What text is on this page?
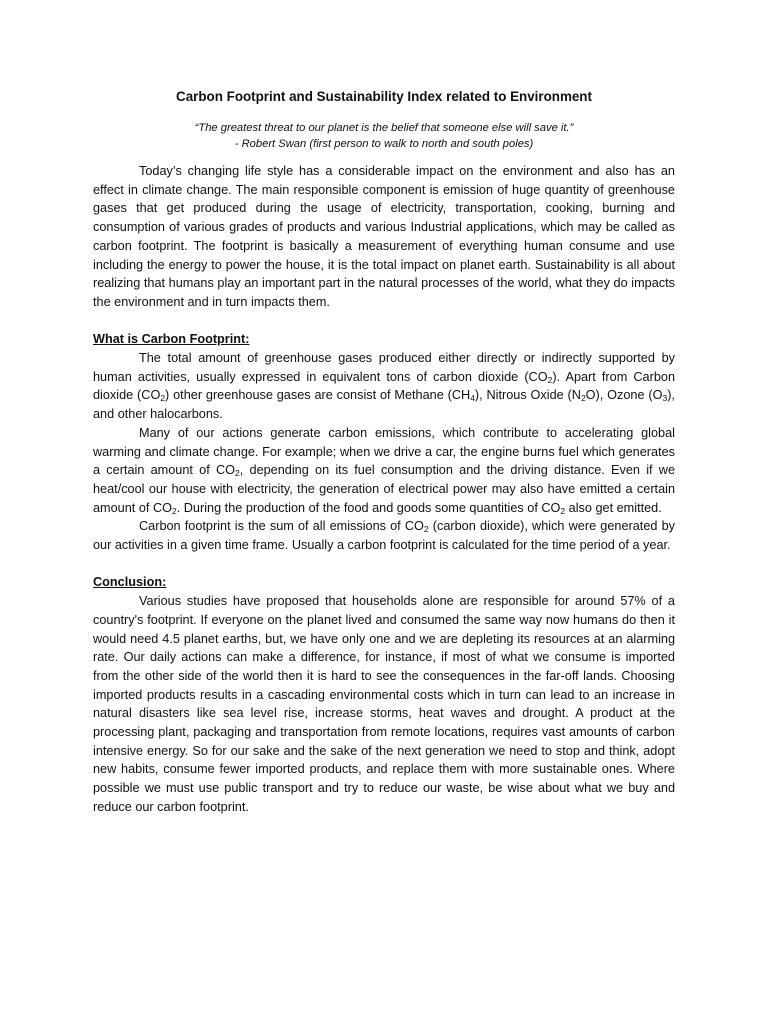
Carbon Footprint and Sustainability Index related to Environment
“The greatest threat to our planet is the belief that someone else will save it.”
- Robert Swan (first person to walk to north and south poles)

Today’s changing life style has a considerable impact on the environment and also has an effect in climate change. The main responsible component is emission of huge quantity of greenhouse gases that get produced during the usage of electricity, transportation, cooking, burning and consumption of various grades of products and various Industrial applications, which may be called as carbon footprint. The footprint is basically a measurement of everything human consume and use including the energy to power the house, it is the total impact on planet earth. Sustainability is all about realizing that humans play an important part in the natural processes of the world, what they do impacts the environment and in turn impacts them.

What is Carbon Footprint:

The total amount of greenhouse gases produced either directly or indirectly supported by human activities, usually expressed in equivalent tons of carbon dioxide $(CO_2)$. Apart from Carbon dioxide $(CO_2)$ other greenhouse gases are consist of Methane $(CH_4)$, Nitrous Oxide $(N_2O)$, Ozone $(O_3)$, and other halocarbons.

Many of our actions generate carbon emissions, which contribute to accelerating global warming and climate change. For example; when we drive a car, the engine burns fuel which generates a certain amount of $CO_2$, depending on its fuel consumption and the driving distance. Even if we heat/cool our house with electricity, the generation of electrical power may also have emitted a certain amount of $CO_2$. During the production of the food and goods some quantities of $CO_2$ also get emitted.

Carbon footprint is the sum of all emissions of $CO_2$ (carbon dioxide), which were generated by our activities in a given time frame. Usually a carbon footprint is calculated for the time period of a year.

Conclusion:

Various studies have proposed that households alone are responsible for around 57% of a country's footprint. If everyone on the planet lived and consumed the same way now humans do then it would need 4.5 planet earths, but, we have only one and we are depleting its resources at an alarming rate. Our daily actions can make a difference, for instance, if most of what we consume is imported from the other side of the world then it is hard to see the consequences in the far-off lands. Choosing imported products results in a cascading environmental costs which in turn can lead to an increase in natural disasters like sea level rise, increase storms, heat waves and drought. A product at the processing plant, packaging and transportation from remote locations, requires vast amounts of carbon intensive energy. So for our sake and the sake of the next generation we need to stop and think, adopt new habits, consume fewer imported products, and replace them with more sustainable ones. Where possible we must use public transport and try to reduce our waste, be wise about what we buy and reduce our carbon footprint.
